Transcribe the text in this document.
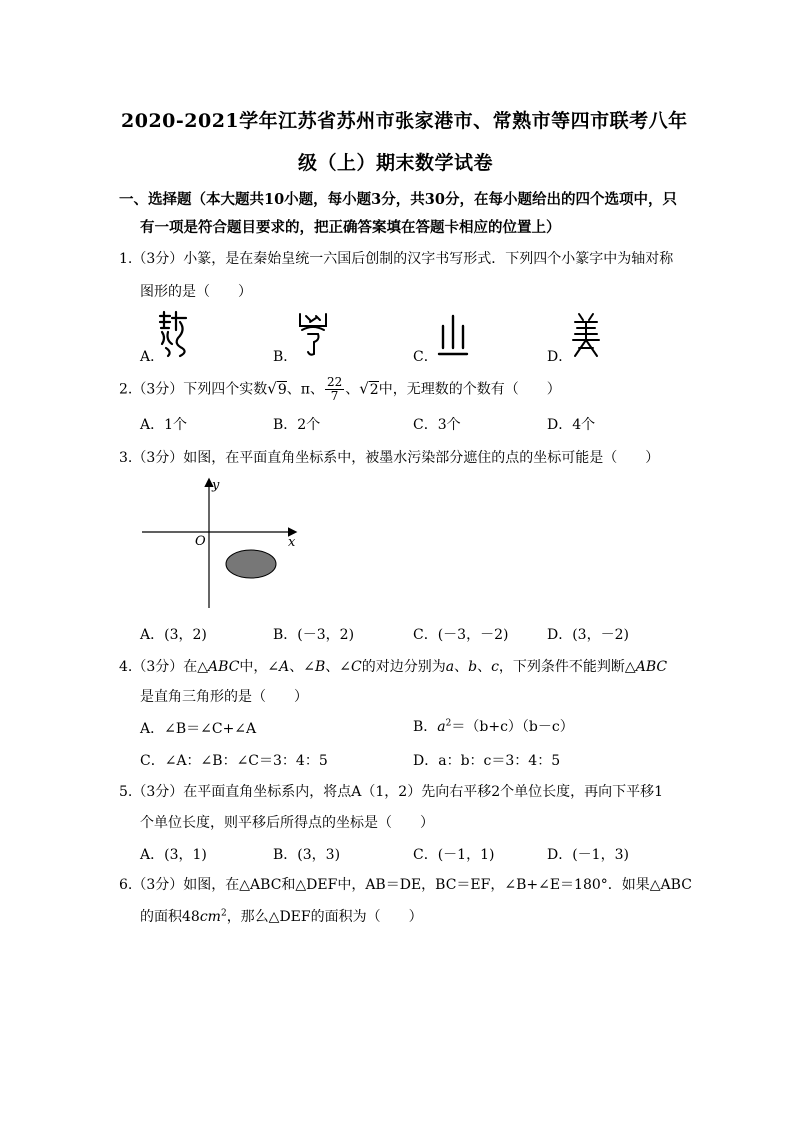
2020-2021学年江苏省苏州市张家港市、常熟市等四市联考八年
级（上）期末数学试卷
一、选择题（本大题共10小题，每小题3分，共30分，在每小题给出的四个选项中，只
有一项是符合题目要求的，把正确答案填在答题卡相应的位置上）
1.（3分）小篆，是在秦始皇统一六国后创制的汉字书写形式．下列四个小篆字中为轴对称
图形的是（　　）
A．	B．	C．	D．
2.（3分）下列四个实数√9、π、 $\frac{22}{7}$ 、√2中，无理数的个数有（　　）
A．1个	B．2个	C．3个	D．4个
3.（3分）如图，在平面直角坐标系中，被墨水污染部分遮住的点的坐标可能是（　　）
y
x
O
A．(3，2)	B．(－3，2)	C．(－3，－2)	D．(3，－2)
4.（3分）在△ABC中，∠A、∠B、∠C的对边分别为a、b、c，下列条件不能判断△ABC
是直角三角形的是（　　）
A．∠B＝∠C+∠A	B．$a^2=(b+c)(b-c)$
C．∠A：∠B：∠C＝3：4：5	D．a：b：c＝3：4：5
5.（3分）在平面直角坐标系内，将点A（1，2）先向右平移2个单位长度，再向下平移1
个单位长度，则平移后所得点的坐标是（　　）
A．(3，1)	B．(3，3)	C．(－1，1)	D．(－1，3)
6.（3分）如图，在△ABC和△DEF中，AB＝DE，BC＝EF，∠B+∠E＝180°．如果△ABC
的面积$48cm^2$，那么△DEF的面积为（　　）
